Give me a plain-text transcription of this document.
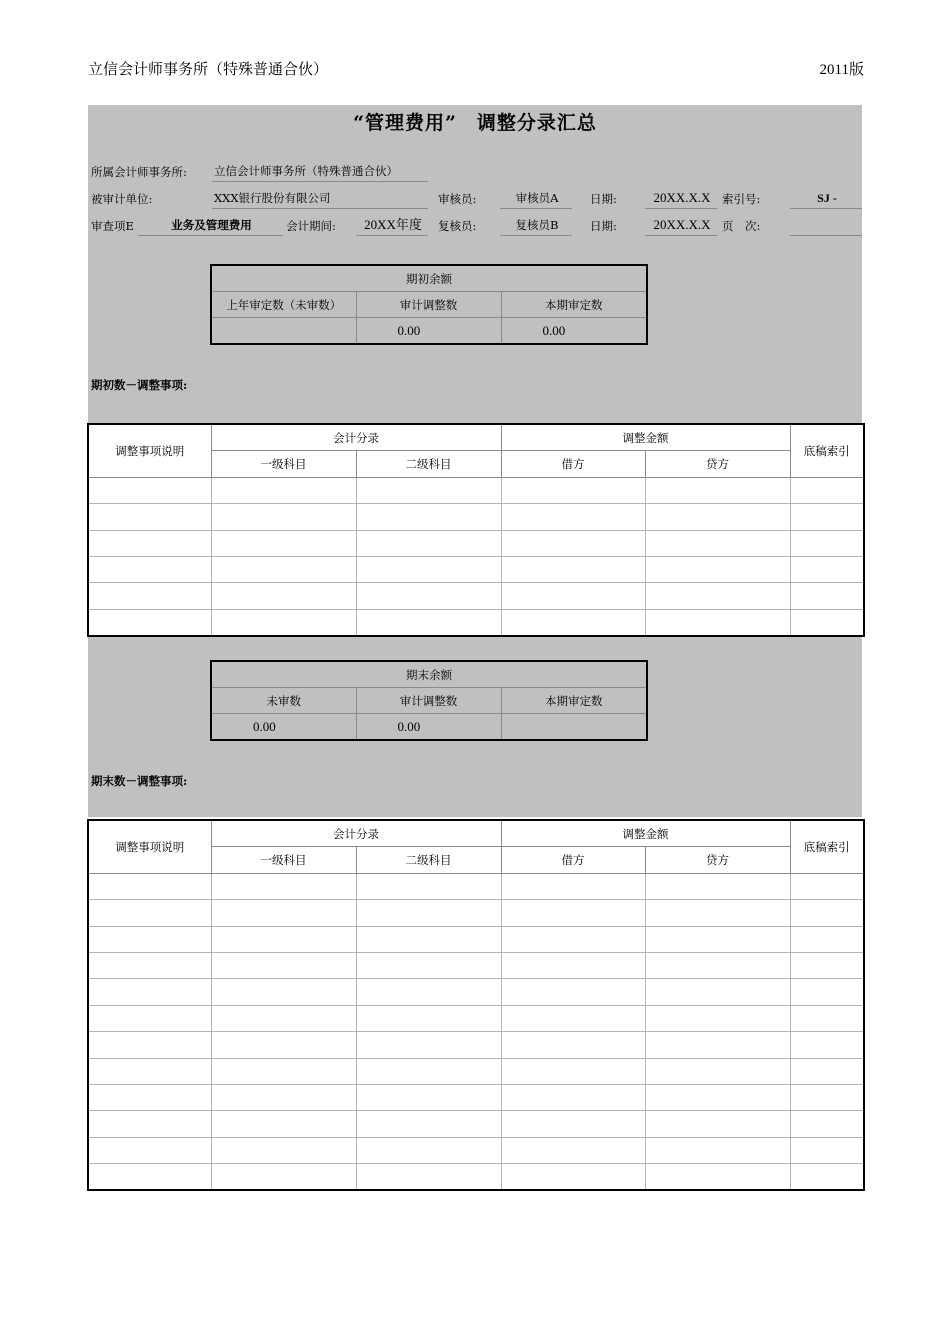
立信会计师事务所（特殊普通合伙）	2011版
“管理费用”　调整分录汇总
所属会计师事务所: 立信会计师事务所（特殊普通合伙）
被审计单位:	XXX银行股份有限公司	审核员:	审核员A	日期:	20XX.X.X 索引号:	SJ -
审查项E	业务及管理费用	会计期间:	20XX年度	复核员:	复核员B	日期:	20XX.X.X 页　次:
期初余额		
上年审定数（未审数）	审计调整数	本期审定数
	0.00	0.00
期初数－调整事项:
调整事项说明	会计分录		调整金额		底稿索引
	一级科目	二级科目	借方	贷方	

期末余额		
未审数	审计调整数	本期审定数
0.00	0.00	
期末数－调整事项:
调整事项说明	会计分录		调整金额		底稿索引
	一级科目	二级科目	借方	贷方	
